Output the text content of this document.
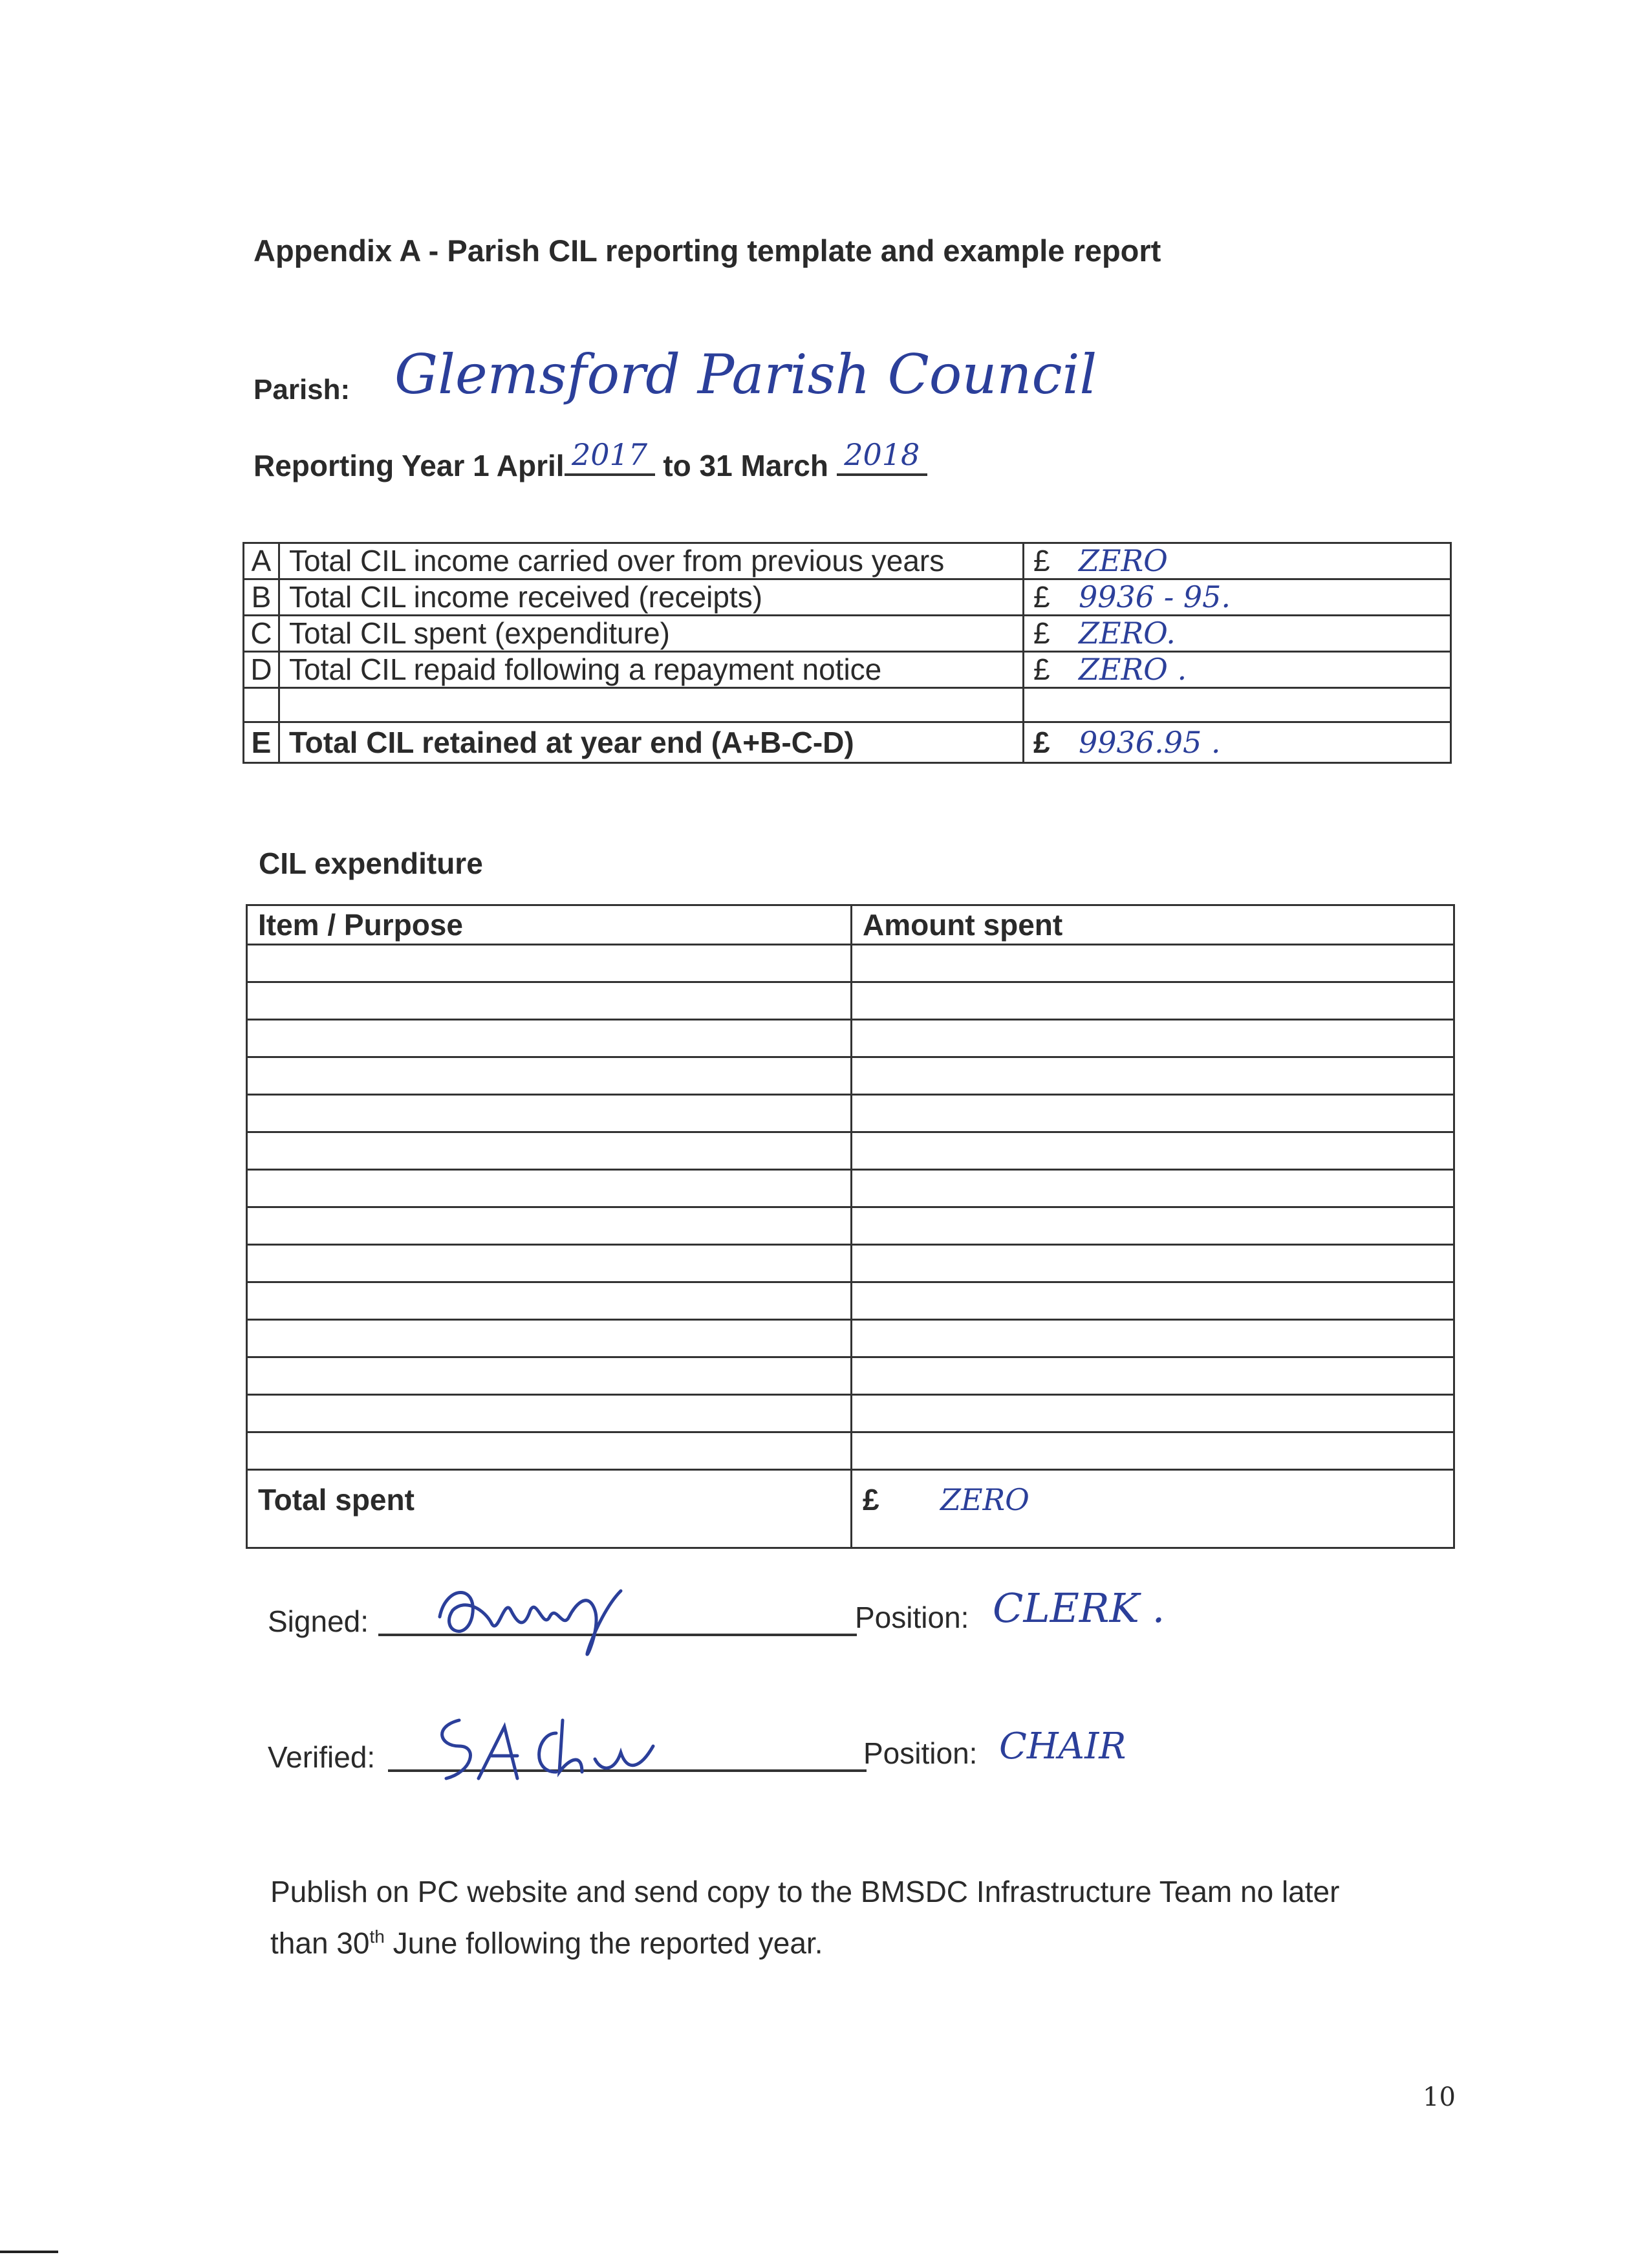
Appendix A - Parish CIL reporting template and example report
Parish: Glemsford Parish Council
Reporting Year 1 April 2017 to 31 March 2018
A	Total CIL income carried over from previous years	£ ZERO
B	Total CIL income received (receipts)	£ 9936 - 95.
C	Total CIL spent (expenditure)	£ ZERO.
D	Total CIL repaid following a repayment notice	£ ZERO .

E	Total CIL retained at year end (A+B-C-D)	£ 9936.95 .
CIL expenditure
Item / Purpose	Amount spent

Total spent	£ ZERO
Signed:	Position: CLERK .
Verified:	Position: CHAIR
Publish on PC website and send copy to the BMSDC Infrastructure Team no later
than 30th June following the reported year.
10
